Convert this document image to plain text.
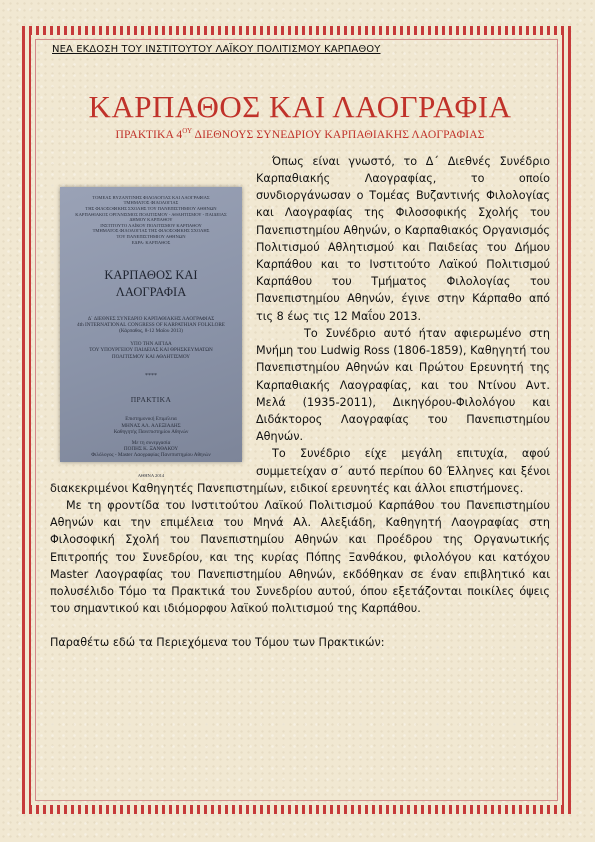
ΝΕΑ ΕΚΔΟΣΗ ΤΟΥ ΙΝΣΤΙΤΟΥΤΟΥ ΛΑΪΚΟΥ ΠΟΛΙΤΙΣΜΟΥ ΚΑΡΠΑΘΟΥ
ΚΑΡΠΑΘΟΣ ΚΑΙ ΛΑΟΓΡΑΦΙΑ
ΠΡΑΚΤΙΚΑ $4^{O\Upsilon}$ ΔΙΕΘΝΟΥΣ ΣΥΝΕΔΡΙΟΥ ΚΑΡΠΑΘΙΑΚΗΣ ΛΑΟΓΡΑΦΙΑΣ
ΤΟΜΕΑΣ ΒΥΖΑΝΤΙΝΗΣ ΦΙΛΟΛΟΓΙΑΣ ΚΑΙ ΛΑΟΓΡΑΦΙΑΣ
ΤΜΗΜΑΤΟΣ ΦΙΛΟΛΟΓΙΑΣ
ΤΗΣ ΦΙΛΟΣΟΦΙΚΗΣ ΣΧΟΛΗΣ ΤΟΥ ΠΑΝΕΠΙΣΤΗΜΙΟΥ ΑΘΗΝΩΝ
ΚΑΡΠΑΘΙΑΚΟΣ ΟΡΓΑΝΙΣΜΟΣ ΠΟΛΙΤΙΣΜΟΥ - ΑΘΛΗΤΙΣΜΟΥ - ΠΑΙΔΕΙΑΣ
ΔΗΜΟΥ ΚΑΡΠΑΘΟΥ
ΙΝΣΤΙΤΟΥΤΟ ΛΑΪΚΟΥ ΠΟΛΙΤΙΣΜΟΥ ΚΑΡΠΑΘΟΥ
ΤΜΗΜΑΤΟΣ ΦΙΛΟΛΟΓΙΑΣ ΤΗΣ ΦΙΛΟΣΟΦΙΚΗΣ ΣΧΟΛΗΣ
ΤΟΥ ΠΑΝΕΠΙΣΤΗΜΙΟΥ ΑΘΗΝΩΝ
ΕΔΡΑ: ΚΑΡΠΑΘΟΣ
ΚΑΡΠΑΘΟΣ ΚΑΙ ΛΑΟΓΡΑΦΙΑ
Δ΄ ΔΙΕΘΝΕΣ ΣΥΝΕΔΡΙΟ ΚΑΡΠΑΘΙΑΚΗΣ ΛΑΟΓΡΑΦΙΑΣ
4th INTERNATIONAL CONGRESS OF KARPATHIAN FOLKLORE
(Κάρπαθος, 8-12 Μαΐου 2013)
ΥΠΟ ΤΗΝ ΑΙΓΙΔΑ
ΤΟΥ ΥΠΟΥΡΓΕΙΟΥ ΠΑΙΔΕΙΑΣ ΚΑΙ ΘΡΗΣΚΕΥΜΑΤΩΝ
ΠΟΛΙΤΙΣΜΟΥ ΚΑΙ ΑΘΛΗΤΙΣΜΟΥ
****
ΠΡΑΚΤΙΚΑ
Επιστημονική Επιμέλεια
ΜΗΝΑΣ ΑΛ. ΑΛΕΞΙΑΔΗΣ
Καθηγητής Πανεπιστημίου Αθηνών
Με τη συνεργασία
ΠΟΠΗΣ Κ. ΞΑΝΘΑΚΟΥ
Φιλόλογος - Master Λαογραφίας Πανεπιστημίου Αθηνών
ΑΘΗΝΑ 2014

Όπως είναι γνωστό, το Δ΄ Διεθνές Συνέδριο Καρπαθιακής Λαογραφίας, το οποίο συνδιοργάνωσαν ο Τομέας Βυζαντινής Φιλολογίας και Λαογραφίας της Φιλοσοφικής Σχολής του Πανεπιστημίου Αθηνών, ο Καρπαθιακός Οργανισμός Πολιτισμού Αθλητισμού και Παιδείας του Δήμου Καρπάθου και το Ινστιτούτο Λαϊκού Πολιτισμού Καρπάθου του Τμήματος Φιλολογίας του Πανεπιστημίου Αθηνών, έγινε στην Κάρπαθο από τις 8 έως τις 12 Μαΐου 2013.

Το Συνέδριο αυτό ήταν αφιερωμένο στη Μνήμη του Ludwig Ross (1806-1859), Καθηγητή του Πανεπιστημίου Αθηνών και Πρώτου Ερευνητή της Καρπαθιακής Λαογραφίας, και του Ντίνου Αντ. Μελά (1935-2011), Δικηγόρου-Φιλολόγου και Διδάκτορος Λαογραφίας του Πανεπιστημίου Αθηνών.

Το Συνέδριο είχε μεγάλη επιτυχία, αφού συμμετείχαν σ΄ αυτό περίπου 60 Έλληνες και ξένοι διακεκριμένοι Καθηγητές Πανεπιστημίων, ειδικοί ερευνητές και άλλοι επιστήμονες.

Με τη φροντίδα του Ινστιτούτου Λαϊκού Πολιτισμού Καρπάθου του Πανεπιστημίου Αθηνών και την επιμέλεια του Μηνά Αλ. Αλεξιάδη, Καθηγητή Λαογραφίας στη Φιλοσοφική Σχολή του Πανεπιστημίου Αθηνών και Προέδρου της Οργανωτικής Επιτροπής του Συνεδρίου, και της κυρίας Πόπης Ξανθάκου, φιλολόγου και κατόχου Master Λαογραφίας του Πανεπιστημίου Αθηνών, εκδόθηκαν σε έναν επιβλητικό και πολυσέλιδο Τόμο τα Πρακτικά του Συνεδρίου αυτού, όπου εξετάζονται ποικίλες όψεις του σημαντικού και ιδιόμορφου λαϊκού πολιτισμού της Καρπάθου.

Παραθέτω εδώ τα Περιεχόμενα του Τόμου των Πρακτικών:
